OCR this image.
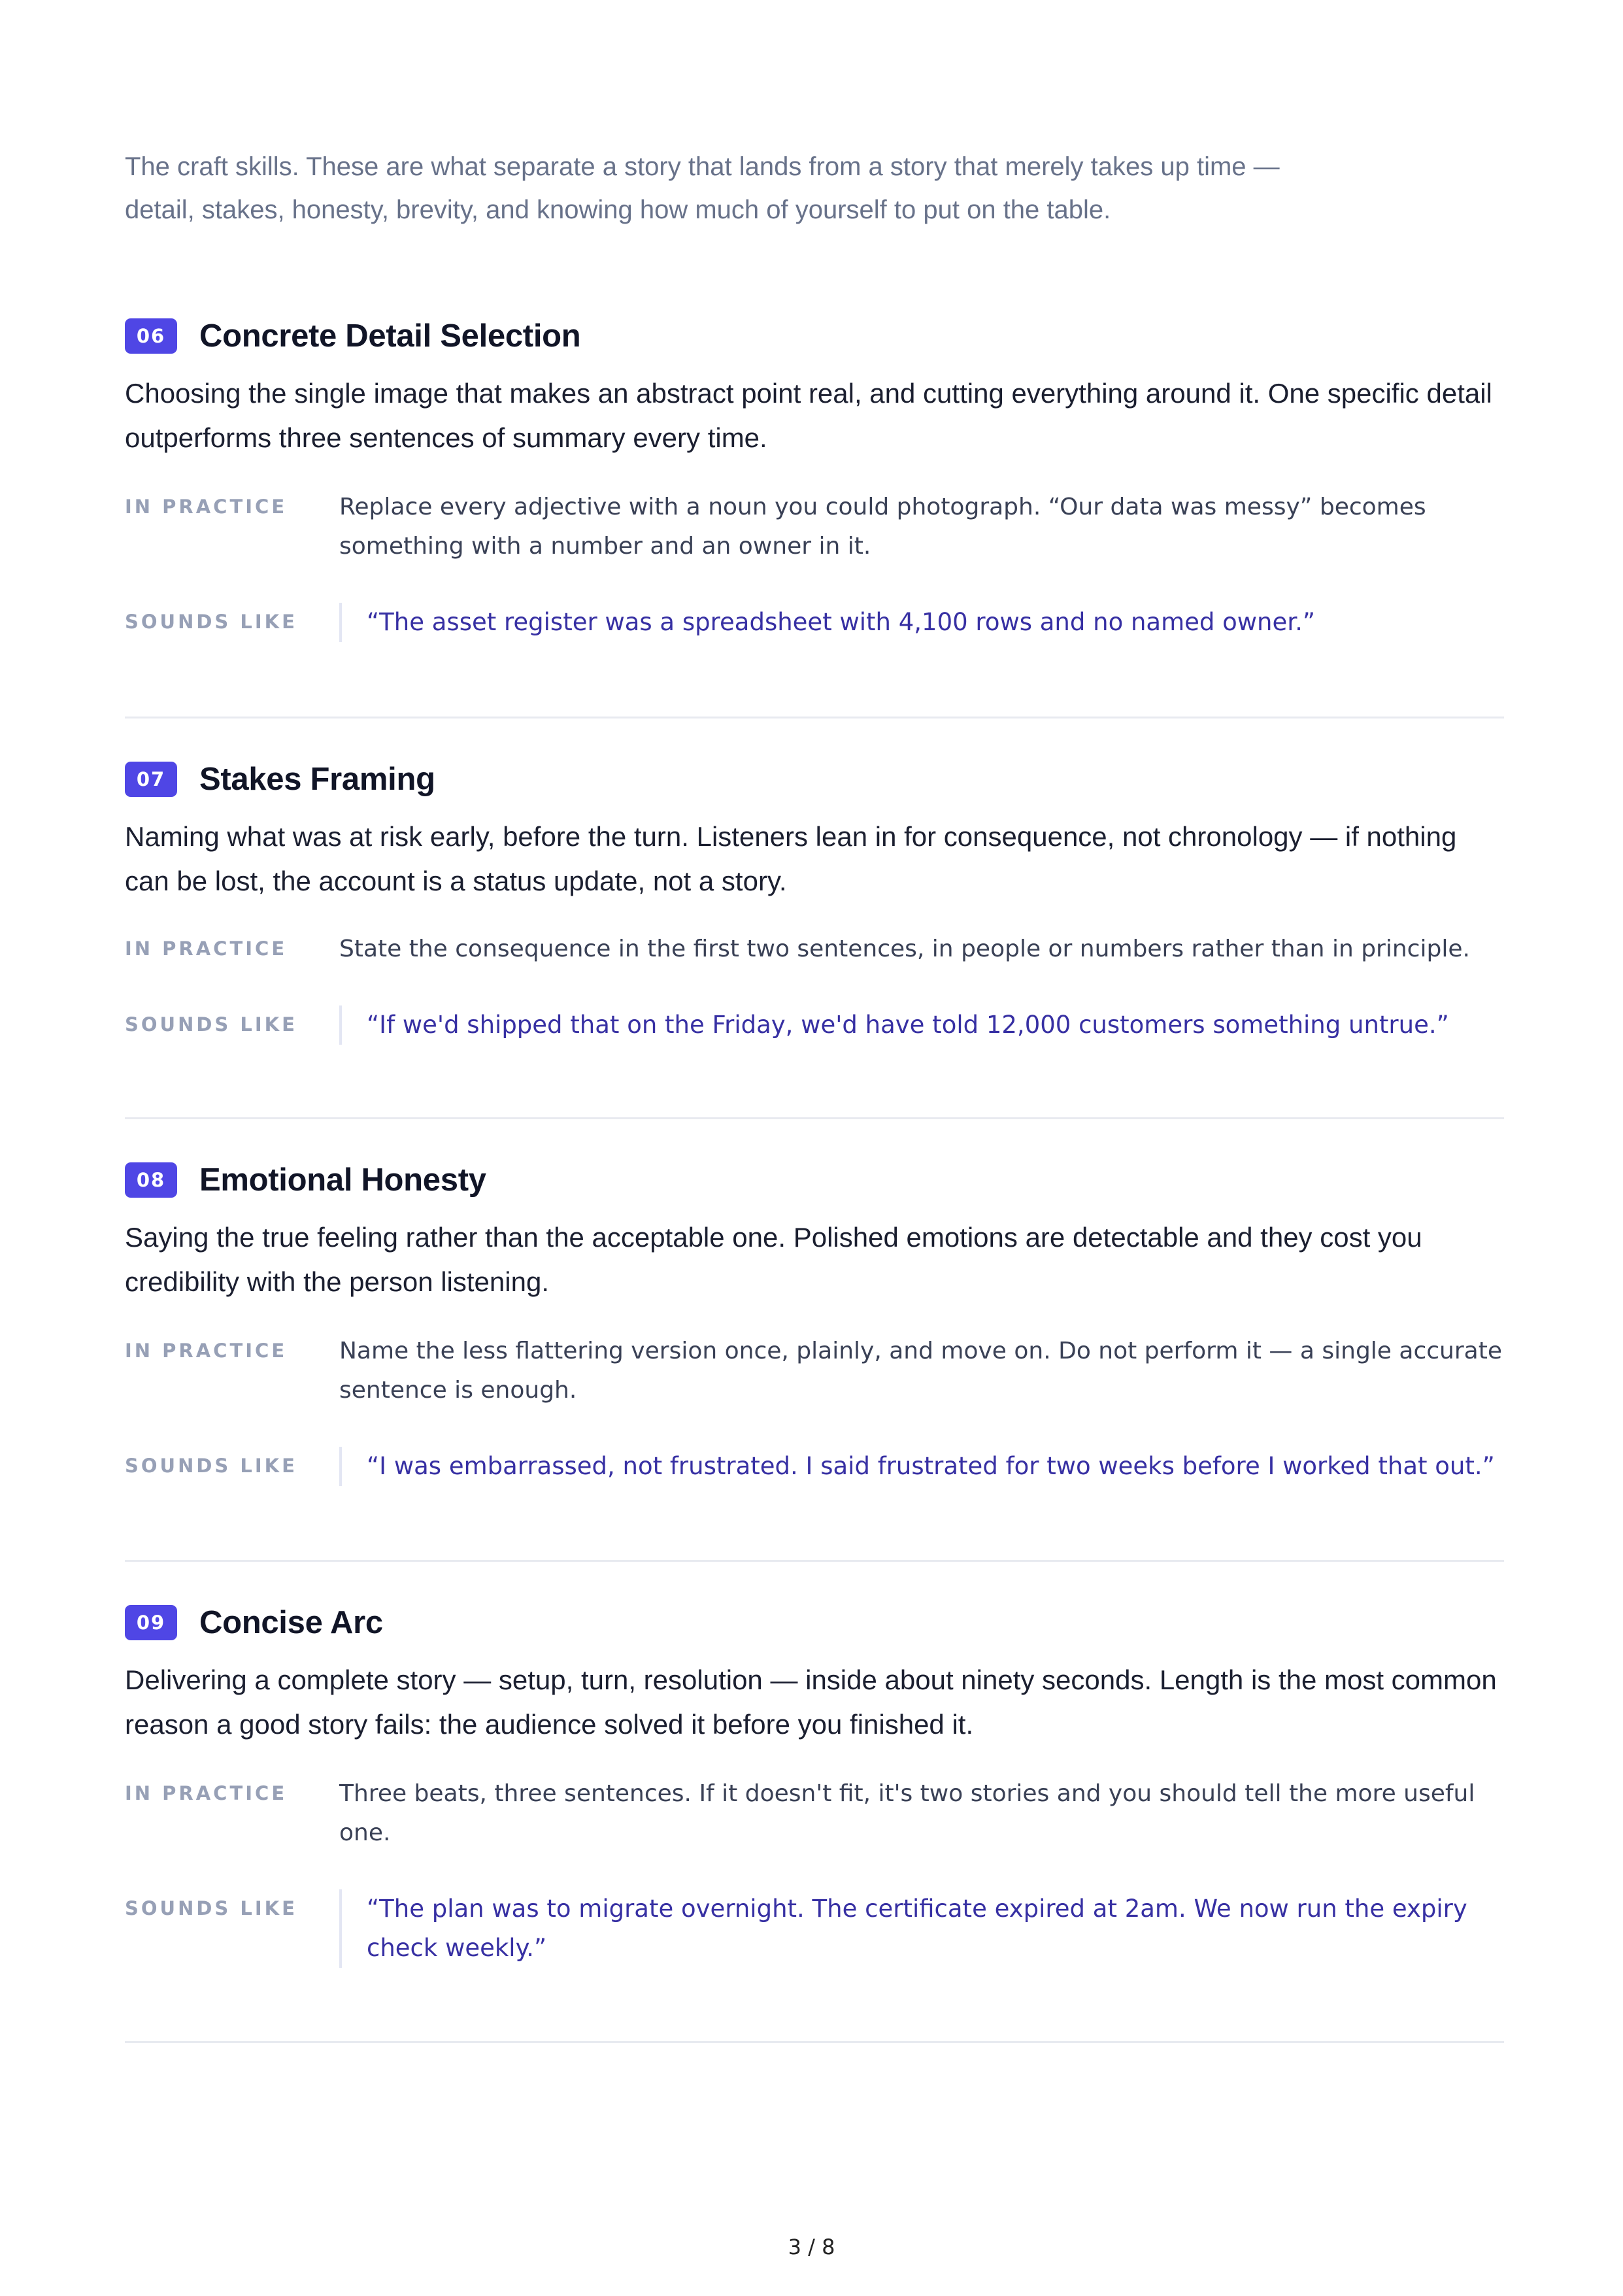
The craft skills. These are what separate a story that lands from a story that merely takes up time — detail, stakes, honesty, brevity, and knowing how much of yourself to put on the table.

06	Concrete Detail Selection

Choosing the single image that makes an abstract point real, and cutting everything around it. One specific detail outperforms three sentences of summary every time.

IN PRACTICE	Replace every adjective with a noun you could photograph. “Our data was messy” becomes something with a number and an owner in it.
SOUNDS LIKE	“The asset register was a spreadsheet with 4,100 rows and no named owner.”
07	Stakes Framing

Naming what was at risk early, before the turn. Listeners lean in for consequence, not chronology — if nothing can be lost, the account is a status update, not a story.

IN PRACTICE	State the consequence in the first two sentences, in people or numbers rather than in principle.
SOUNDS LIKE	“If we'd shipped that on the Friday, we'd have told 12,000 customers something untrue.”
08	Emotional Honesty

Saying the true feeling rather than the acceptable one. Polished emotions are detectable and they cost you credibility with the person listening.

IN PRACTICE	Name the less flattering version once, plainly, and move on. Do not perform it — a single accurate sentence is enough.
SOUNDS LIKE	“I was embarrassed, not frustrated. I said frustrated for two weeks before I worked that out.”
09	Concise Arc

Delivering a complete story — setup, turn, resolution — inside about ninety seconds. Length is the most common reason a good story fails: the audience solved it before you finished it.

IN PRACTICE	Three beats, three sentences. If it doesn't fit, it's two stories and you should tell the more useful one.
SOUNDS LIKE	“The plan was to migrate overnight. The certificate expired at 2am. We now run the expiry check weekly.”
3 / 8
